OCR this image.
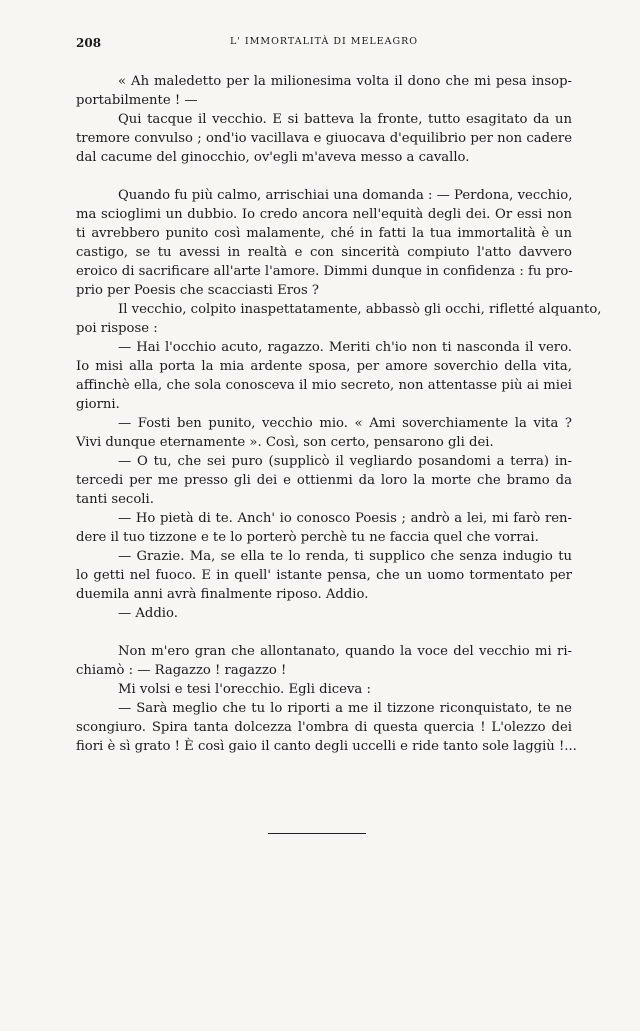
208	L' IMMORTALITÀ DI MELEAGRO
« Ah maledetto per la milionesima volta il dono che mi pesa insop-
portabilmente ! —
Qui tacque il vecchio. E si batteva la fronte, tutto esagitato da un
tremore convulso ; ond'io vacillava e giuocava d'equilibrio per non cadere
dal cacume del ginocchio, ov'egli m'aveva messo a cavallo.
Quando fu più calmo, arrischiai una domanda : — Perdona, vecchio,
ma scioglimi un dubbio. Io credo ancora nell'equità degli dei. Or essi non
ti avrebbero punito così malamente, ché in fatti la tua immortalità è un
castigo, se tu avessi in realtà e con sincerità compiuto l'atto davvero
eroico di sacrificare all'arte l'amore. Dimmi dunque in confidenza : fu pro-
prio per Poesis che scacciasti Eros ?
Il vecchio, colpito inaspettatamente, abbassò gli occhi, rifletté alquanto,
poi rispose :
— Hai l'occhio acuto, ragazzo. Meriti ch'io non ti nasconda il vero.
Io misi alla porta la mia ardente sposa, per amore soverchio della vita,
affinchè ella, che sola conosceva il mio secreto, non attentasse più ai miei
giorni.
— Fosti ben punito, vecchio mio. « Ami soverchiamente la vita ?
Vivi dunque eternamente ». Così, son certo, pensarono gli dei.
— O tu, che sei puro (supplicò il vegliardo posandomi a terra) in-
tercedi per me presso gli dei e ottienmi da loro la morte che bramo da
tanti secoli.
— Ho pietà di te. Anch' io conosco Poesis ; andrò a lei, mi farò ren-
dere il tuo tizzone e te lo porterò perchè tu ne faccia quel che vorrai.
— Grazie. Ma, se ella te lo renda, ti supplico che senza indugio tu
lo getti nel fuoco. E in quell' istante pensa, che un uomo tormentato per
duemila anni avrà finalmente riposo. Addio.
— Addio.
Non m'ero gran che allontanato, quando la voce del vecchio mi ri-
chiamò : — Ragazzo ! ragazzo !
Mi volsi e tesi l'orecchio. Egli diceva :
— Sarà meglio che tu lo riporti a me il tizzone riconquistato, te ne
scongiuro. Spira tanta dolcezza l'ombra di questa quercia ! L'olezzo dei
fiori è sì grato ! È così gaio il canto degli uccelli e ride tanto sole laggiù !...
